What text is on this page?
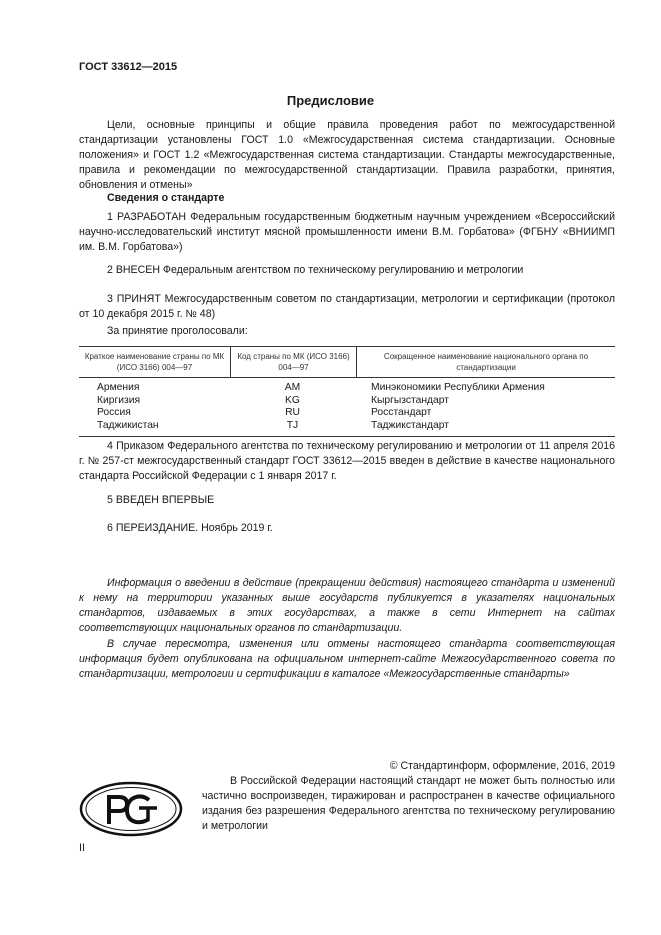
ГОСТ 33612—2015
Предисловие
Цели, основные принципы и общие правила проведения работ по межгосударственной стандартизации установлены ГОСТ 1.0 «Межгосударственная система стандартизации. Основные положения» и ГОСТ 1.2 «Межгосударственная система стандартизации. Стандарты межгосударственные, правила и рекомендации по межгосударственной стандартизации. Правила разработки, принятия, обновления и отмены»
Сведения о стандарте
1 РАЗРАБОТАН Федеральным государственным бюджетным научным учреждением «Всероссийский научно-исследовательский институт мясной промышленности имени В.М. Горбатова» (ФГБНУ «ВНИИМП им. В.М. Горбатова»)
2 ВНЕСЕН Федеральным агентством по техническому регулированию и метрологии
3 ПРИНЯТ Межгосударственным советом по стандартизации, метрологии и сертификации (протокол от 10 декабря 2015 г. № 48)
За принятие проголосовали:
Краткое наименование страны по МК (ИСО 3166) 004—97
Код страны по МК (ИСО 3166) 004—97
Сокращенное наименование национального органа по стандартизации
Армения
Киргизия
Россия
Таджикистан
AM
KG
RU
TJ
Минэкономики Республики Армения
Кыргызстандарт
Росстандарт
Таджикстандарт
4 Приказом Федерального агентства по техническому регулированию и метрологии от 11 апреля 2016 г. № 257-ст межгосударственный стандарт ГОСТ 33612—2015 введен в действие в качестве национального стандарта Российской Федерации с 1 января 2017 г.
5 ВВЕДЕН ВПЕРВЫЕ
6 ПЕРЕИЗДАНИЕ. Ноябрь 2019 г.
Информация о введении в действие (прекращении действия) настоящего стандарта и изменений к нему на территории указанных выше государств публикуется в указателях национальных стандартов, издаваемых в этих государствах, а также в сети Интернет на сайтах соответствующих национальных органов по стандартизации.
В случае пересмотра, изменения или отмены настоящего стандарта соответствующая информация будет опубликована на официальном интернет-сайте Межгосударственного совета по стандартизации, метрологии и сертификации в каталоге «Межгосударственные стандарты»
© Стандартинформ, оформление, 2016, 2019
В Российской Федерации настоящий стандарт не может быть полностью или частично воспроизведен, тиражирован и распространен в качестве официального издания без разрешения Федерального агентства по техническому регулированию и метрологии
II
